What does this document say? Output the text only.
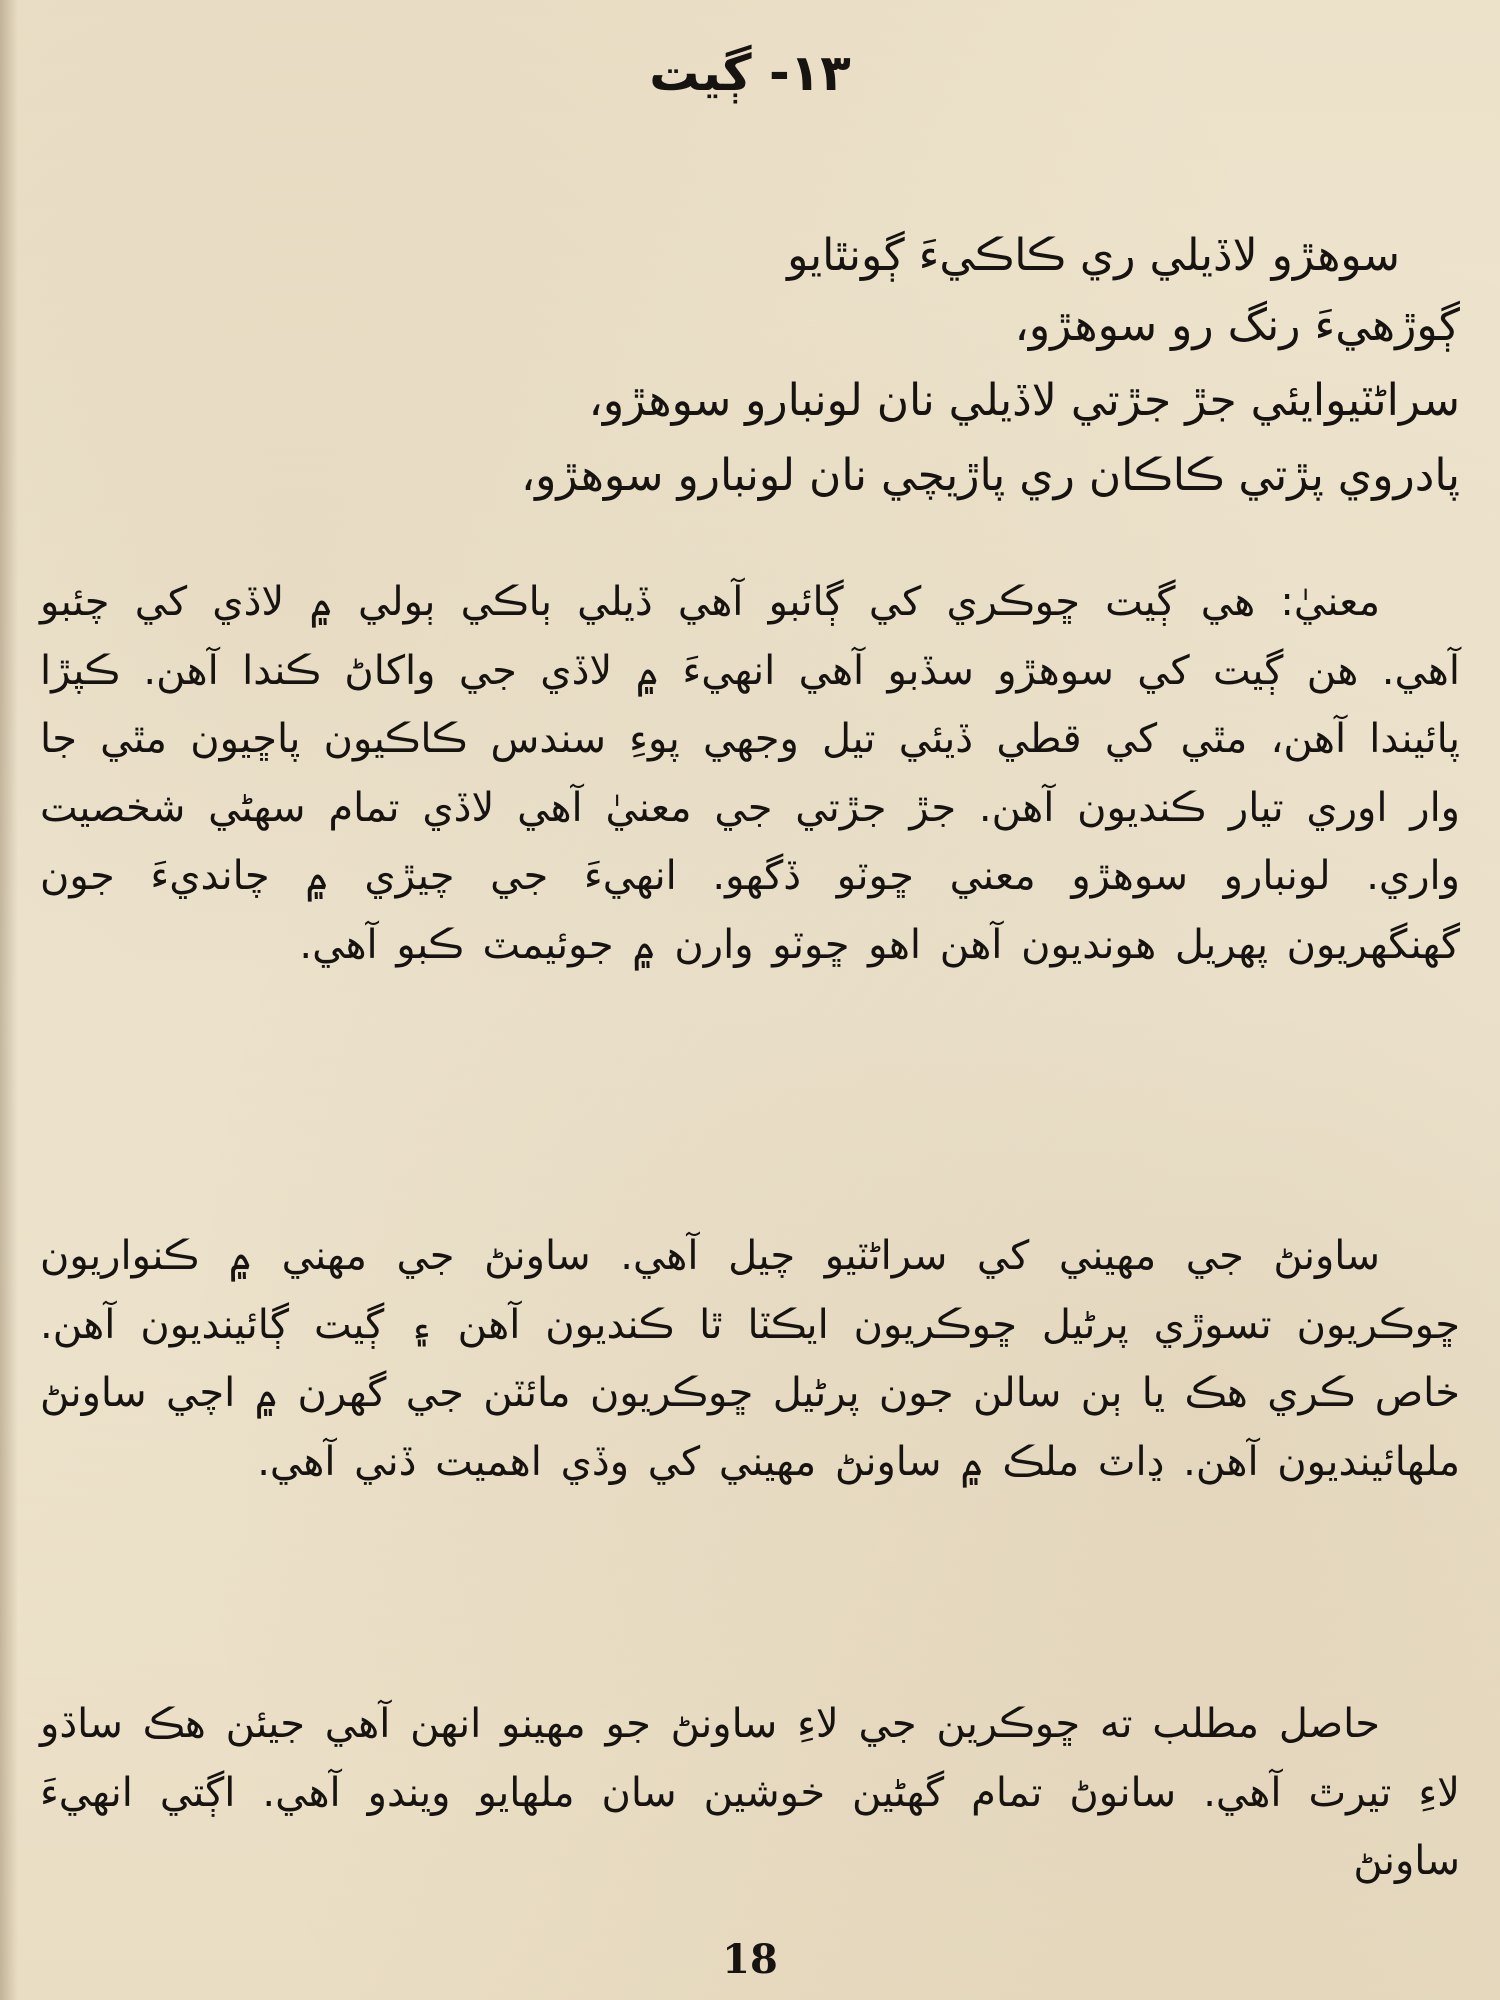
١٣- ڳيت
سوهڙو لاڏيلي ري ڪاڪيءَ ڳونٿايو
ڳوڙهيءَ رنگ رو سوهڙو،
سراڻٽيوايئي جڙ جڙتي لاڏيلي نان لونبارو سوهڙو،
پادروي پڙتي ڪاڪان ري پاڙيچي نان لونبارو سوهڙو،
معنيٰ: هي ڳيت ڇوڪري کي ڳائبو آهي ڏيلي ٻاڪي ٻولي ۾ لاڏي کي چئبو آهي. هن ڳيت کي سوهڙو سڏبو آهي انهيءَ ۾ لاڏي جي واکاڻ ڪندا آهن. ڪپڙا پائيندا آهن، مٿي کي قطي ڏيئي تيل وجهي پوءِ سندس ڪاڪيون پاڇيون مٿي جا وار اوري تيار ڪنديون آهن. جڙ جڙتي جي معنيٰ آهي لاڏي تمام سهڻي شخصيت واري. لونبارو سوهڙو معني ڇوٽو ڏگهو. انهيءَ جي چيڙي ۾ چانديءَ جون گهنگهريون پهريل هونديون آهن اهو ڇوٽو وارن ۾ جوئيمٽ ڪبو آهي.
ساونڻ جي مهيني کي سراڻٽيو چيل آهي. ساونڻ جي مهني ۾ ڪنواريون ڇوڪريون تسوڙي پرڻيل ڇوڪريون ايڪٽا ٿا ڪنديون آهن ۽ ڳيت ڳائينديون آهن. خاص ڪري هڪ يا ٻن سالن جون پرڻيل ڇوڪريون مائٽن جي گهرن ۾ اچي ساونڻ ملهائينديون آهن. ڍاٽ ملڪ ۾ ساونڻ مهيني کي وڏي اهميت ڏني آهي.
حاصل مطلب ته ڇوڪرين جي لاءِ ساونڻ جو مهينو انهن آهي جيئن هڪ ساڌو لاءِ تيرٿ آهي. سانوڻ تمام گهڻين خوشين سان ملهايو ويندو آهي. اڳتي انهيءَ ساونڻ
18
